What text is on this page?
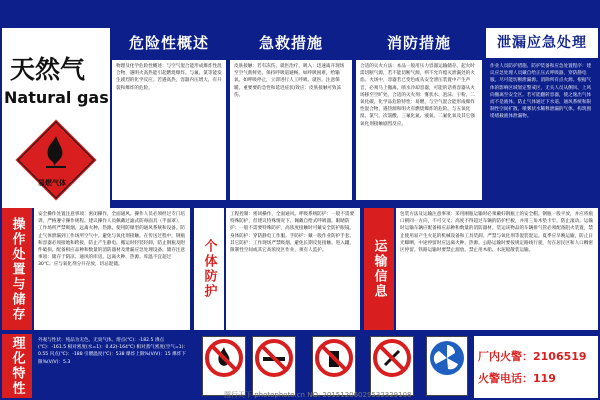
天然气
Natural gas
易燃气体
危险性概述	急救措施	消防措施	泄漏应急处理
物理及化学危险性概述：与空气混合能形成爆炸性混合物，遇明火高热能引起燃烧爆炸。与氟、氯等能发生剧烈的化学反应。若遇高热，容器内压增大，有开裂和爆炸的危险。
皮肤接触：若有冻伤，就医治疗。吸入：迅速离开现场至空气新鲜处。保持呼吸道通畅。如呼吸困难，给输氧。如呼吸停止，立即进行人工呼吸。就医。注意保暖。重要要的急性和延迟症状/效应：皮肤接触可致冻伤。
合适的灭火方法：本品一般用压力容器运输储存。起火时需切断气源，若不能切断气源，则不允许熄灭泄漏处的火焰。火场中，容器若已变色或从安全泄压装置中产生声音，必须马上撤离。喷水冷却容器，可能的话将容器从火场移至空旷处。合适的灭火剂：雾状水、泡沫、干粉、二氧化碳。化学品危险特性：易燃，与空气混合能形成爆炸性混合物，遇热源和明火有燃烧爆炸的危险。与五氧化溴、氯气、次氯酸、三氟化氮、液氧、二氟化氧及其它强氧化剂接触剧烈反应。
作业人员防护措施、防护装备和应急处置程序：建议应急处理人员戴自给正压式呼吸器，穿防静电服。尽可能切断泄漏源。消除所有点火源。根据气体的影响区域划定警戒区，无关人员从侧风、上风向撤离至安全区。若可能翻转容器，使之逸出气体而不是液体。防止气体通过下水道、通风系统和限制性空间扩散。喷雾状水稀释泄漏的气体。构筑围堤堵截液体泄漏物。
操作处置与储存
安全操作处置注意事项：密闭操作，全面通风。操作人员必须经过专门培训，严格遵守操作规程。建议操作人员佩戴过滤式防毒面具（半面罩），工作场所严禁吸烟。远离火种、热源。使用防爆型的通风系统和设备。防止气体泄漏到工作场所空气中。避免与氧化剂接触。在传送过程中，钢瓶和容器必须接地和跨接，防止产生静电。搬运时轻装轻卸，防止钢瓶及附件破损。配备相应品种和数量的消防器材及泄漏应急处理设备。储存注意事项：储存于阴凉、通风的库房。远离火种、热源。库温不宜超过30℃。应与氧化剂分开存放，切忌混储。	个体防护
工程控制：密闭操作，全面通风。呼吸系统防护：一般不需要特殊防护，但建议特殊情况下，佩戴自给式呼吸器。眼睛防护：一般不需要特殊防护，高浓度接触时可戴安全防护眼镜。身体防护：穿防静电工作服。手防护：戴一般作业防护手套。其它防护：工作现场严禁吸烟。避免长期反复接触。进入罐、限制性空间或其它高浓度区作业，须有人监护。	运输信息
包装方法及运输注意事项：采用刚瓶运输时必须戴好钢瓶上的安全帽。钢瓶一般平放，并应将瓶口朝同一方向，不可交叉；高度不得超过车辆的防护栏板，并用三角木垫卡牢，防止滚动。运输时运输车辆应配备相应品种和数量的消防器材。装运该物品的车辆排气管必须配备阻火装置，禁止使用易产生火花的机械设备和工具装卸。严禁与氧化剂等混装混运。夏季应早晚运输，防止日光曝晒。中途停留时应远离火种、热源。公路运输时要按规定路线行驶，勿在居民区和人口稠密区停留。铁路运输时要禁止溜放。禁止用木船、水泥船散装运输。
理化特性	外观与性状：纯品为无色、无臭气体。熔点(℃)：-182.5 沸点(℃)：-161.5 相对密度(水=1)：0.42(-164℃) 相对蒸气密度(空气=1)：0.55 闪点(℃)：-188 引燃温度(℃)：538 爆炸上限%(V/V)：15 爆炸下限%(V/V)：5.3	厂内火警：2106519
火警电话：119
图行天下 photophoto.cn NO: 20151206029532329108
